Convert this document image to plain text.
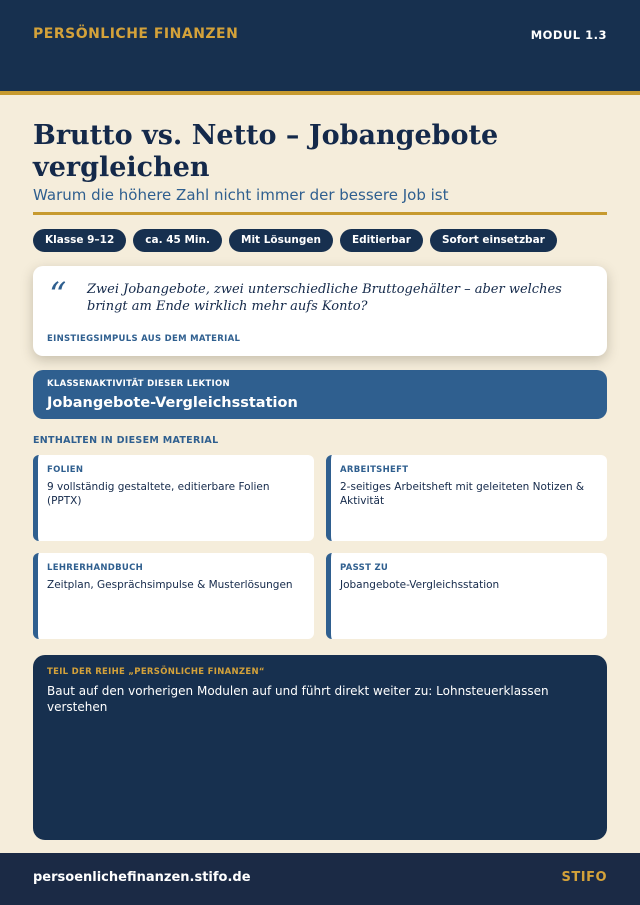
PERSÖNLICHE FINANZEN	MODUL 1.3
Brutto vs. Netto – Jobangebote vergleichen
Warum die höhere Zahl nicht immer der bessere Job ist
Klasse 9–12	ca. 45 Min.	Mit Lösungen	Editierbar	Sofort einsetzbar
“ Zwei Jobangebote, zwei unterschiedliche Bruttogehälter – aber welches bringt am Ende wirklich mehr aufs Konto?

EINSTIEGSIMPULS AUS DEM MATERIAL
KLASSENAKTIVITÄT DIESER LEKTION
Jobangebote-Vergleichsstation
ENTHALTEN IN DIESEM MATERIAL
FOLIEN

9 vollständig gestaltete, editierbare Folien (PPTX)

ARBEITSHEFT

2-seitiges Arbeitsheft mit geleiteten Notizen & Aktivität

LEHRERHANDBUCH

Zeitplan, Gesprächsimpulse & Musterlösungen

PASST ZU

Jobangebote-Vergleichsstation

TEIL DER REIHE „PERSÖNLICHE FINANZEN“

Baut auf den vorherigen Modulen auf und führt direkt weiter zu: Lohnsteuerklassen verstehen

persoenlichefinanzen.stifo.de	STIFO
